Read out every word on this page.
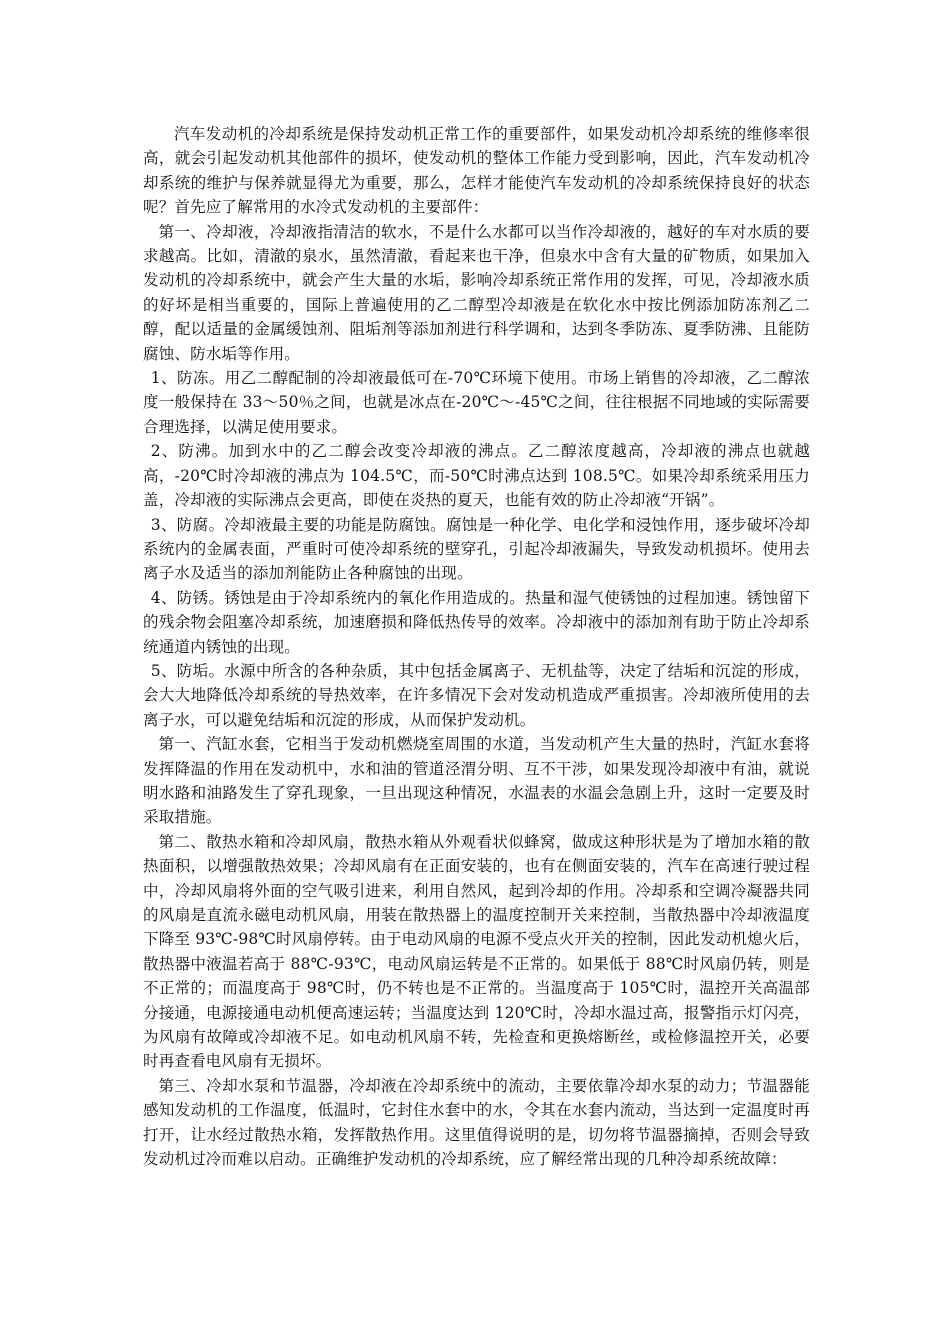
汽车发动机的冷却系统是保持发动机正常工作的重要部件，如果发动机冷却系统的维修率很高，就会引起发动机其他部件的损坏，使发动机的整体工作能力受到影响，因此，汽车发动机冷却系统的维护与保养就显得尤为重要，那么，怎样才能使汽车发动机的冷却系统保持良好的状态呢？首先应了解常用的水冷式发动机的主要部件：

第一、冷却液，冷却液指清洁的软水，不是什么水都可以当作冷却液的，越好的车对水质的要求越高。比如，清澈的泉水，虽然清澈，看起来也干净，但泉水中含有大量的矿物质，如果加入发动机的冷却系统中，就会产生大量的水垢，影响冷却系统正常作用的发挥，可见，冷却液水质的好坏是相当重要的，国际上普遍使用的乙二醇型冷却液是在软化水中按比例添加防冻剂乙二醇，配以适量的金属缓蚀剂、阻垢剂等添加剂进行科学调和，达到冬季防冻、夏季防沸、且能防腐蚀、防水垢等作用。

1、防冻。用乙二醇配制的冷却液最低可在-70℃环境下使用。市场上销售的冷却液，乙二醇浓度一般保持在 33～50％之间，也就是冰点在-20℃～-45℃之间，往往根据不同地域的实际需要合理选择，以满足使用要求。

2、防沸。加到水中的乙二醇会改变冷却液的沸点。乙二醇浓度越高，冷却液的沸点也就越高，-20℃时冷却液的沸点为 104.5℃，而-50℃时沸点达到 108.5℃。如果冷却系统采用压力盖，冷却液的实际沸点会更高，即使在炎热的夏天，也能有效的防止冷却液“开锅”。

3、防腐。冷却液最主要的功能是防腐蚀。腐蚀是一种化学、电化学和浸蚀作用，逐步破坏冷却系统内的金属表面，严重时可使冷却系统的壁穿孔，引起冷却液漏失，导致发动机损坏。使用去离子水及适当的添加剂能防止各种腐蚀的出现。

4、防锈。锈蚀是由于冷却系统内的氧化作用造成的。热量和湿气使锈蚀的过程加速。锈蚀留下的残余物会阻塞冷却系统，加速磨损和降低热传导的效率。冷却液中的添加剂有助于防止冷却系统通道内锈蚀的出现。

5、防垢。水源中所含的各种杂质，其中包括金属离子、无机盐等，决定了结垢和沉淀的形成，会大大地降低冷却系统的导热效率，在许多情况下会对发动机造成严重损害。冷却液所使用的去离子水，可以避免结垢和沉淀的形成，从而保护发动机。

第一、汽缸水套，它相当于发动机燃烧室周围的水道，当发动机产生大量的热时，汽缸水套将发挥降温的作用在发动机中，水和油的管道泾渭分明、互不干涉，如果发现冷却液中有油，就说明水路和油路发生了穿孔现象，一旦出现这种情况，水温表的水温会急剧上升，这时一定要及时采取措施。

第二、散热水箱和冷却风扇，散热水箱从外观看状似蜂窝，做成这种形状是为了增加水箱的散热面积，以增强散热效果；冷却风扇有在正面安装的，也有在侧面安装的，汽车在高速行驶过程中，冷却风扇将外面的空气吸引进来，利用自然风，起到冷却的作用。冷却系和空调冷凝器共同的风扇是直流永磁电动机风扇，用装在散热器上的温度控制开关来控制，当散热器中冷却液温度下降至 93℃-98℃时风扇停转。由于电动风扇的电源不受点火开关的控制，因此发动机熄火后，散热器中液温若高于 88℃-93℃，电动风扇运转是不正常的。如果低于 88℃时风扇仍转，则是不正常的；而温度高于 98℃时，仍不转也是不正常的。当温度高于 105℃时，温控开关高温部分接通，电源接通电动机便高速运转；当温度达到 120℃时，冷却水温过高，报警指示灯闪亮，为风扇有故障或冷却液不足。如电动机风扇不转，先检查和更换熔断丝，或检修温控开关，必要时再查看电风扇有无损坏。

第三、冷却水泵和节温器，冷却液在冷却系统中的流动，主要依靠冷却水泵的动力；节温器能感知发动机的工作温度，低温时，它封住水套中的水，令其在水套内流动，当达到一定温度时再打开，让水经过散热水箱，发挥散热作用。这里值得说明的是，切勿将节温器摘掉，否则会导致发动机过冷而难以启动。正确维护发动机的冷却系统，应了解经常出现的几种冷却系统故障：
